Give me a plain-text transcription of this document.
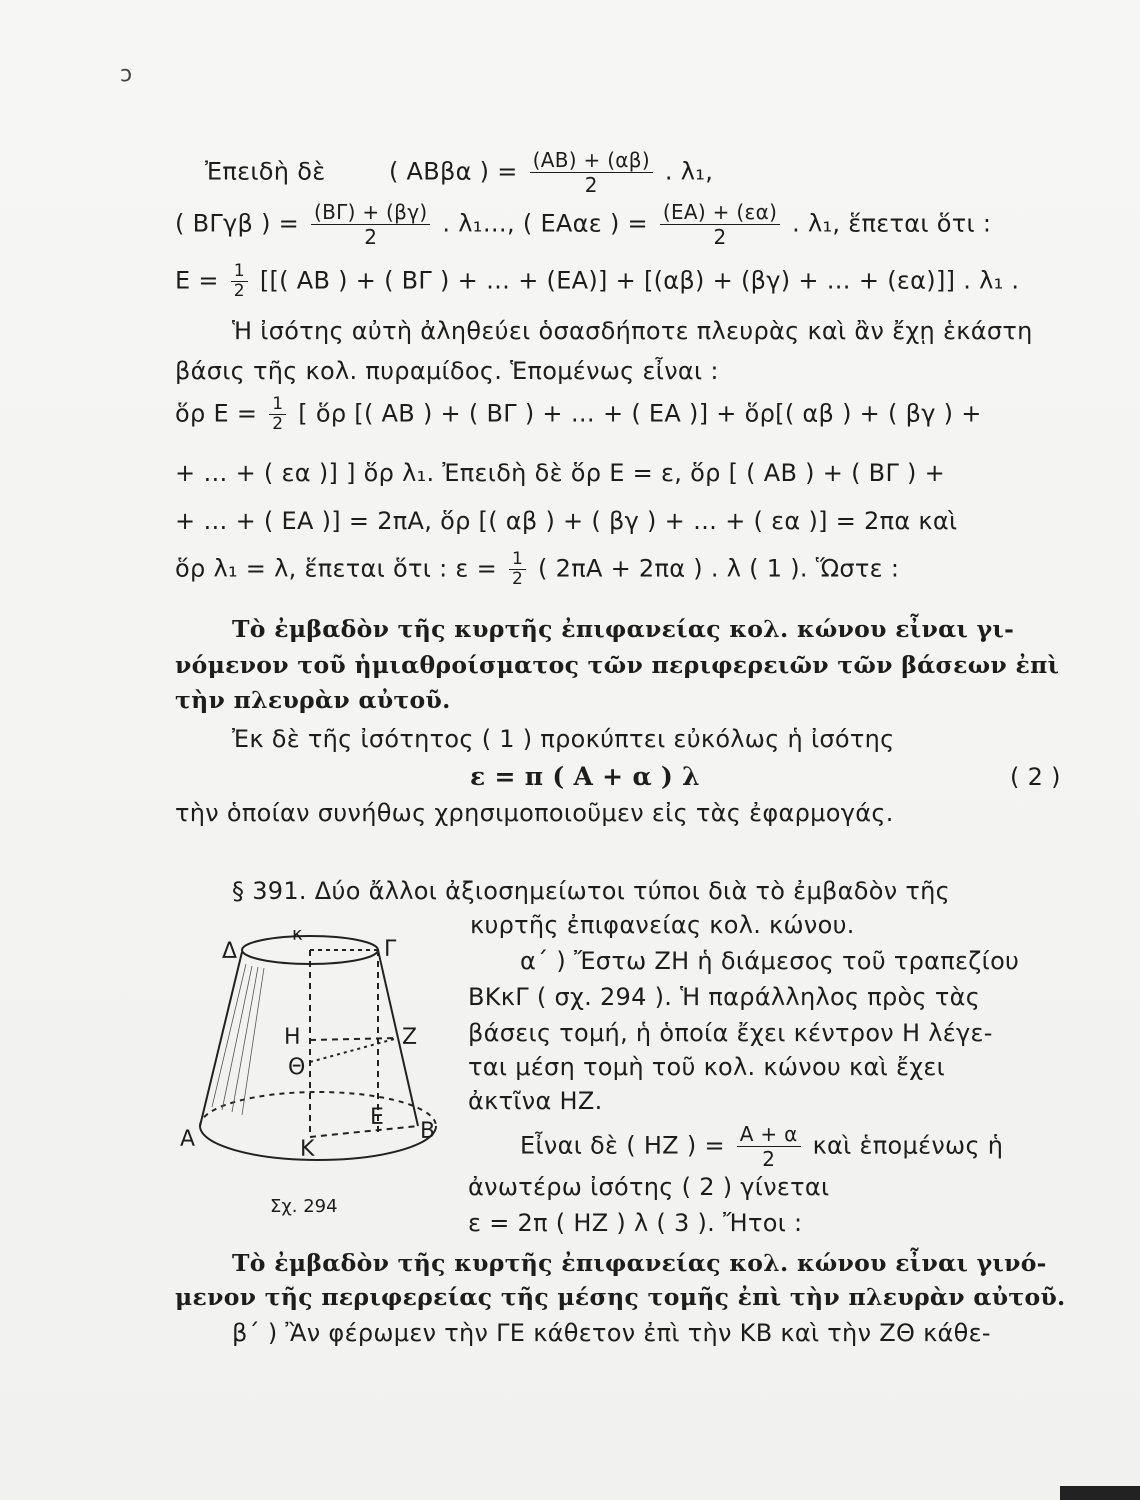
ͻ
Ἐπειδὴ δὲ	( ΑΒβα ) = $\frac{(AB) + (\alpha\beta)}{2}$ . λ₁,
( ΒΓγβ ) = $\frac{(B\Gamma) + (\beta\gamma)}{2}$ . λ₁…, ( ΕΑαε ) = $\frac{(EA) + (\varepsilon\alpha)}{2}$ . λ₁, ἕπεται ὅτι :
$E = \frac{1}{2}$ [[( ΑΒ ) + ( ΒΓ ) + … + (ΕΑ)] + [(αβ) + (βγ) + … + (εα)]] . λ₁ .
Ἡ ἰσότης αὐτὴ ἀληθεύει ὁσασδήποτε πλευρὰς καὶ ἂν ἔχῃ ἑκάστη
βάσις τῆς κολ. πυραμίδος. Ἑπομένως εἶναι :
ὅρ $E = \frac{1}{2}$ [ ὅρ [( ΑΒ ) + ( ΒΓ ) + … + ( ΕΑ )] + ὅρ[( αβ ) + ( βγ ) +
+ … + ( εα )] ] ὅρ λ₁. Ἐπειδὴ δὲ ὅρ Ε = ε, ὅρ [ ( ΑΒ ) + ( ΒΓ ) +
+ … + ( ΕΑ )] = 2πΑ, ὅρ [( αβ ) + ( βγ ) + … + ( εα )] = 2πα καὶ
ὅρ λ₁ = λ, ἕπεται ὅτι : $\varepsilon = \frac{1}{2}$ ( 2πΑ + 2πα ) . λ ( 1 ). Ὥστε :
Τὸ ἐμβαδὸν τῆς κυρτῆς ἐπιφανείας κολ. κώνου εἶναι γι-
νόμενον τοῦ ἡμιαθροίσματος τῶν περιφερειῶν τῶν βάσεων ἐπὶ
τὴν πλευρὰν αὐτοῦ.
Ἐκ δὲ τῆς ἰσότητος ( 1 ) προκύπτει εὐκόλως ἡ ἰσότης
ε = π ( Α + α ) λ	( 2 )
τὴν ὁποίαν συνήθως χρησιμοποιοῦμεν εἰς τὰς ἐφαρμογάς.
§ 391. Δύο ἄλλοι ἀξιοσημείωτοι τύποι διὰ τὸ ἐμβαδὸν τῆς
κυρτῆς ἐπιφανείας κολ. κώνου.
α΄ ) Ἔστω ΖΗ ἡ διάμεσος τοῦ τραπεζίου
ΒΚκΓ ( σχ. 294 ). Ἡ παράλληλος πρὸς τὰς
βάσεις τομή, ἡ ὁποία ἔχει κέντρον Η λέγε-
ται μέση τομὴ τοῦ κολ. κώνου καὶ ἔχει
ἀκτῖνα ΗΖ.
Εἶναι δὲ ( ΗΖ ) = $\frac{A + \alpha}{2}$ καὶ ἑπομένως ἡ
ἀνωτέρω ἰσότης ( 2 ) γίνεται
ε = 2π ( ΗΖ ) λ ( 3 ). Ἤτοι :
Τὸ ἐμβαδὸν τῆς κυρτῆς ἐπιφανείας κολ. κώνου εἶναι γινό-
μενον τῆς περιφερείας τῆς μέσης τομῆς ἐπὶ τὴν πλευρὰν αὐτοῦ.
β΄ ) Ἂν φέρωμεν τὴν ΓΕ κάθετον ἐπὶ τὴν ΚΒ καὶ τὴν ΖΘ κάθε-
Δ
κ
Γ
Η	Ζ
Θ
Α	Κ
Ε
Β
Σχ. 294
